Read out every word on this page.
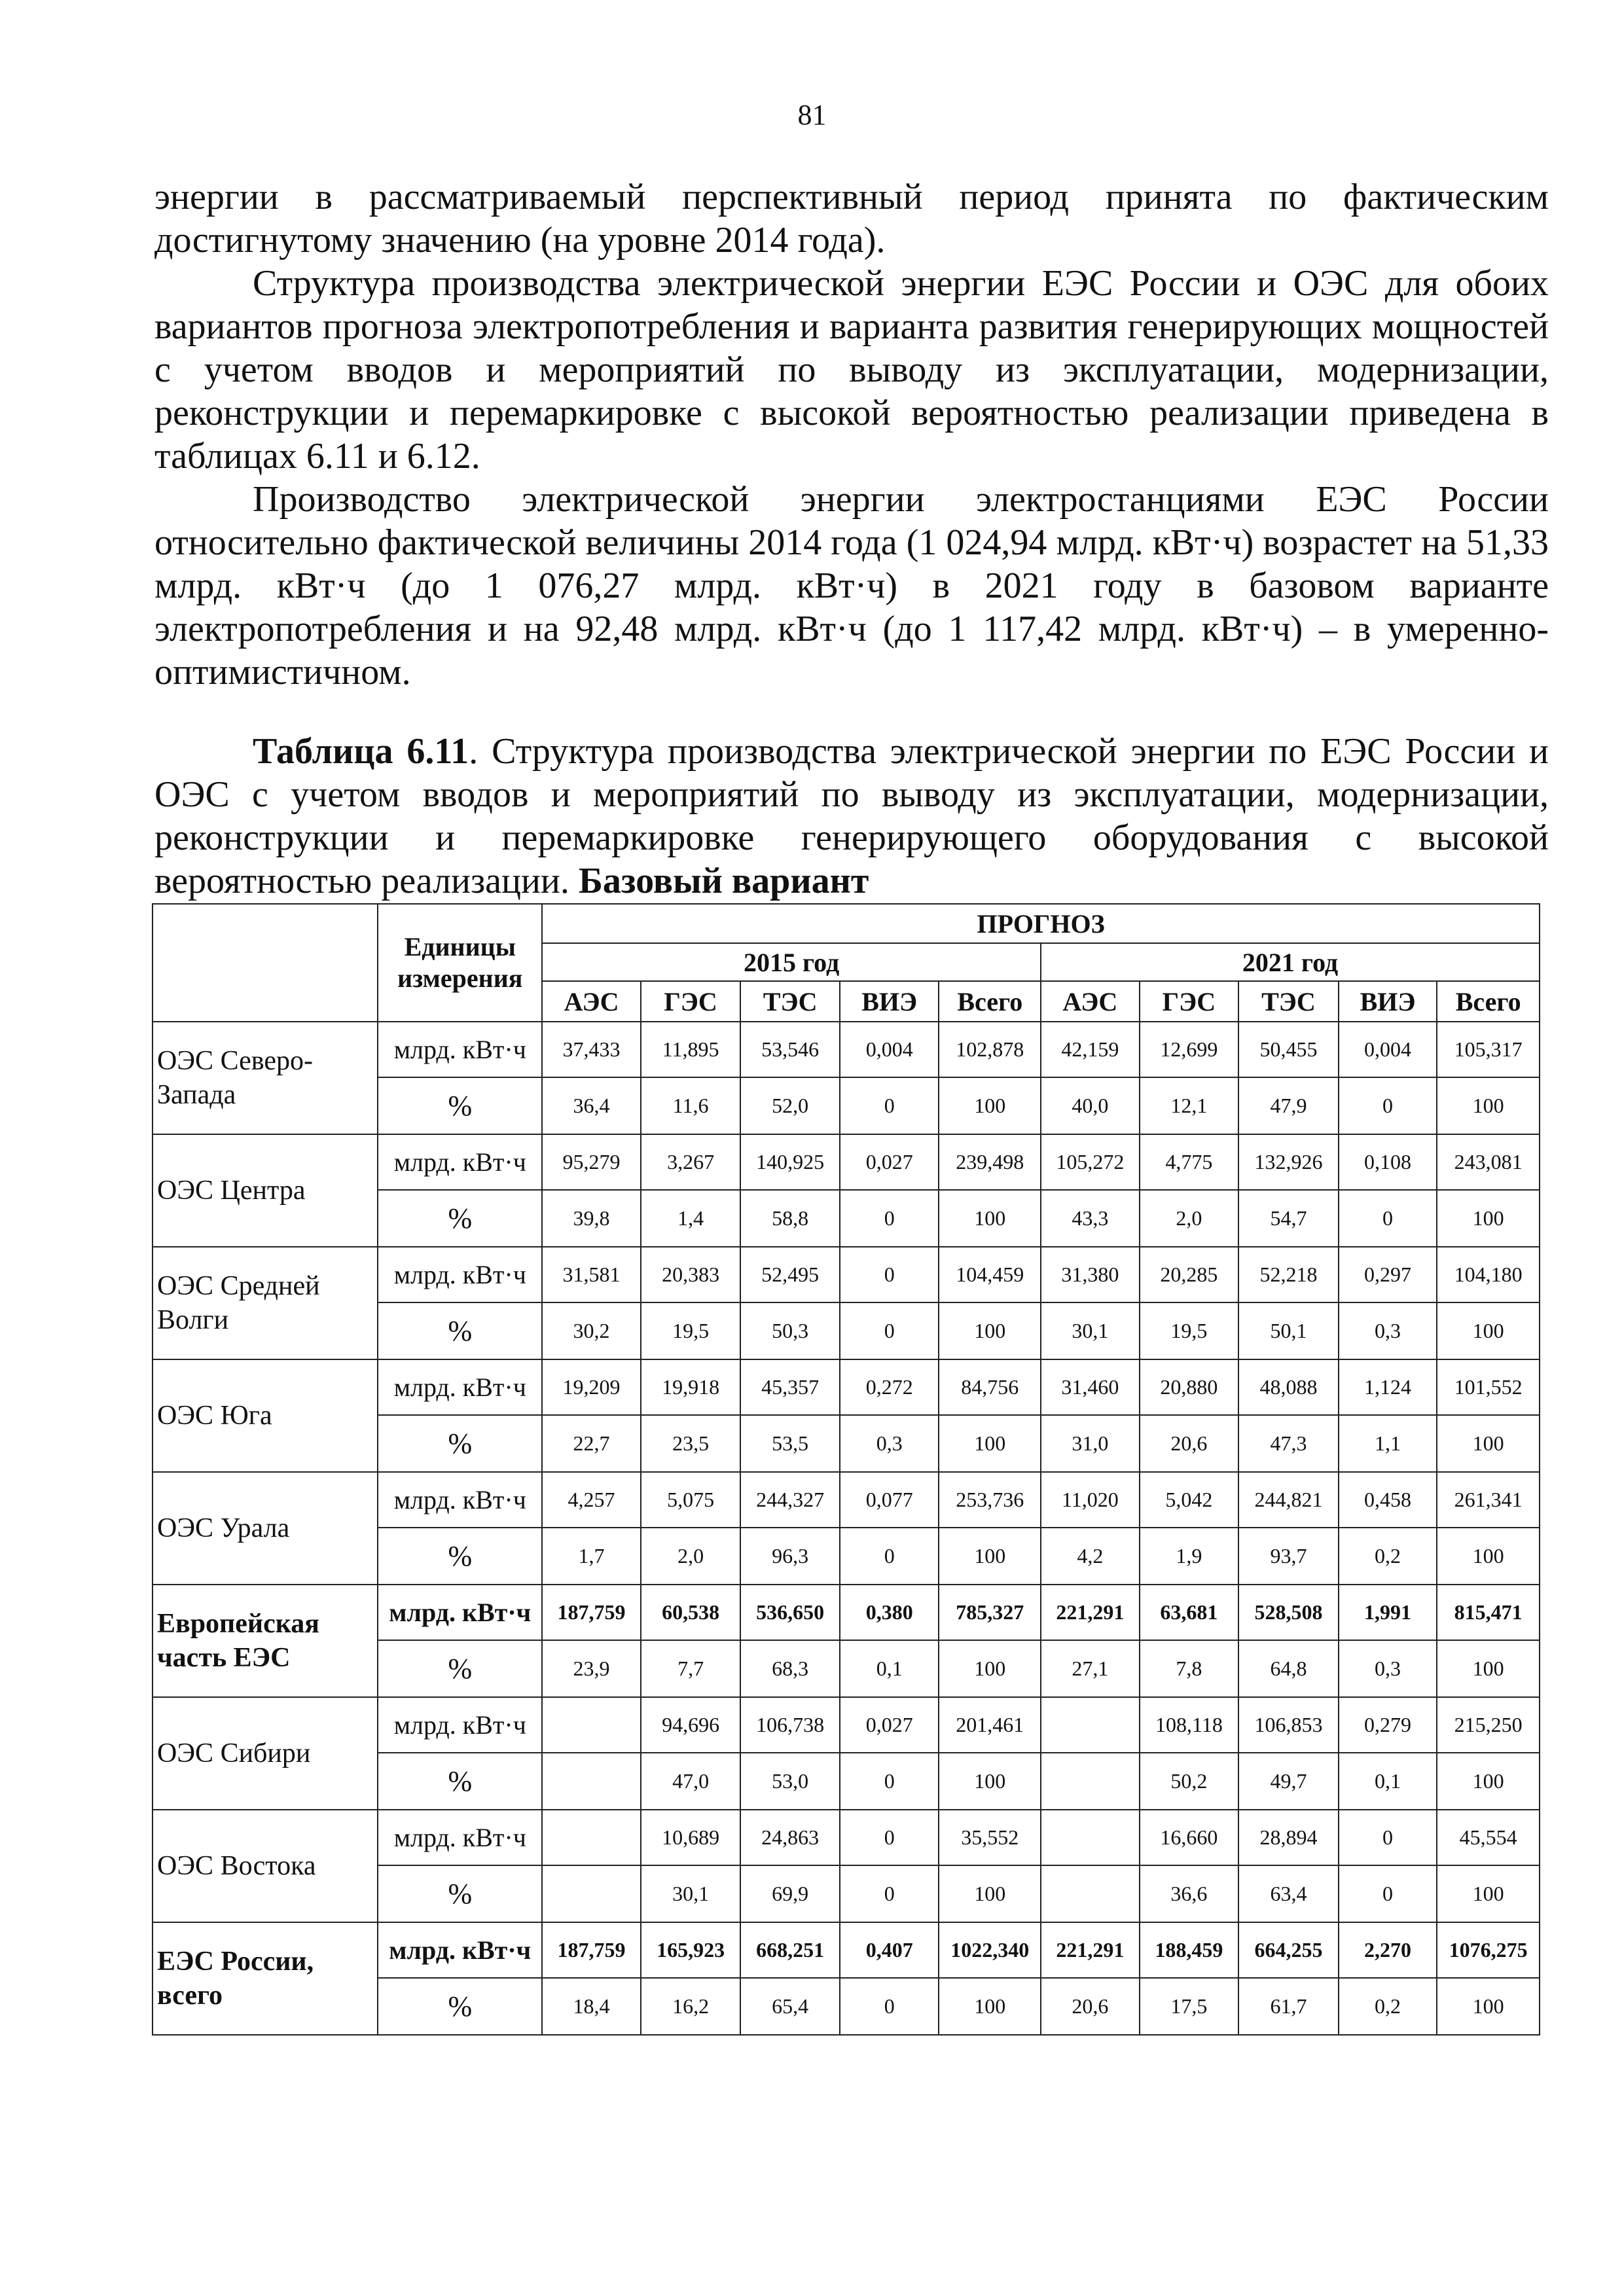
81

энергии в рассматриваемый перспективный период принята по фактическим достигнутому значению (на уровне 2014 года).

Структура производства электрической энергии ЕЭС России и ОЭС для обоих вариантов прогноза электропотребления и варианта развития генерирующих мощностей с учетом вводов и мероприятий по выводу из эксплуатации, модернизации, реконструкции и перемаркировке с высокой вероятностью реализации приведена в таблицах 6.11 и 6.12.

Производство электрической энергии электростанциями ЕЭС России относительно фактической величины 2014 года (1 024,94 млрд. кВт·ч) возрастет на 51,33 млрд. кВт·ч (до 1 076,27 млрд. кВт·ч) в 2021 году в базовом варианте электропотребления и на 92,48 млрд. кВт·ч (до 1 117,42 млрд. кВт·ч) – в умеренно-оптимистичном.

Таблица 6.11. Структура производства электрической энергии по ЕЭС России и ОЭС с учетом вводов и мероприятий по выводу из эксплуатации, модернизации, реконструкции и перемаркировке генерирующего оборудования с высокой вероятностью реализации. Базовый вариант
	Единицы измерения	ПРОГНОЗ									
		2015 год					2021 год				
		АЭС	ГЭС	ТЭС	ВИЭ	Всего	АЭС	ГЭС	ТЭС	ВИЭ	Всего
ОЭС Северо-Запада	млрд. кВт·ч	37,433	11,895	53,546	0,004	102,878	42,159	12,699	50,455	0,004	105,317
	%	36,4	11,6	52,0	0	100	40,0	12,1	47,9	0	100
ОЭС Центра	млрд. кВт·ч	95,279	3,267	140,925	0,027	239,498	105,272	4,775	132,926	0,108	243,081
	%	39,8	1,4	58,8	0	100	43,3	2,0	54,7	0	100
ОЭС Средней Волги	млрд. кВт·ч	31,581	20,383	52,495	0	104,459	31,380	20,285	52,218	0,297	104,180
	%	30,2	19,5	50,3	0	100	30,1	19,5	50,1	0,3	100
ОЭС Юга	млрд. кВт·ч	19,209	19,918	45,357	0,272	84,756	31,460	20,880	48,088	1,124	101,552
	%	22,7	23,5	53,5	0,3	100	31,0	20,6	47,3	1,1	100
ОЭС Урала	млрд. кВт·ч	4,257	5,075	244,327	0,077	253,736	11,020	5,042	244,821	0,458	261,341
	%	1,7	2,0	96,3	0	100	4,2	1,9	93,7	0,2	100
Европейская часть ЕЭС	млрд. кВт·ч	187,759	60,538	536,650	0,380	785,327	221,291	63,681	528,508	1,991	815,471
	%	23,9	7,7	68,3	0,1	100	27,1	7,8	64,8	0,3	100
ОЭС Сибири	млрд. кВт·ч		94,696	106,738	0,027	201,461		108,118	106,853	0,279	215,250
	%		47,0	53,0	0	100		50,2	49,7	0,1	100
ОЭС Востока	млрд. кВт·ч		10,689	24,863	0	35,552		16,660	28,894	0	45,554
	%		30,1	69,9	0	100		36,6	63,4	0	100
ЕЭС России, всего	млрд. кВт·ч	187,759	165,923	668,251	0,407	1022,340	221,291	188,459	664,255	2,270	1076,275
	%	18,4	16,2	65,4	0	100	20,6	17,5	61,7	0,2	100
